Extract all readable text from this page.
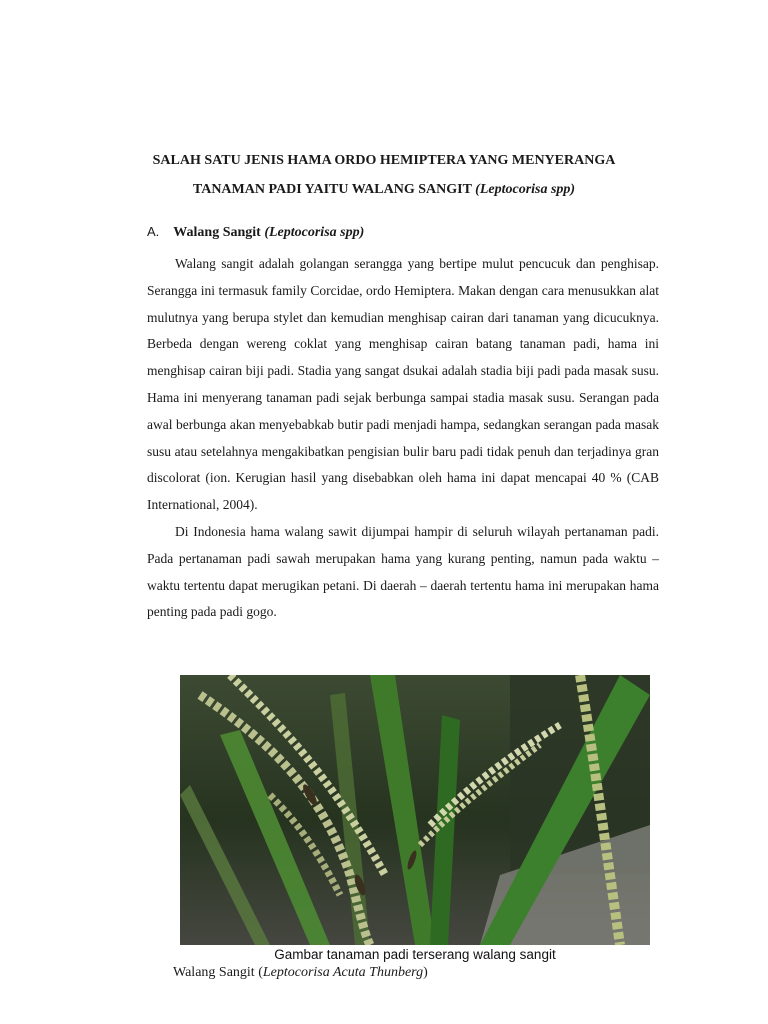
SALAH SATU JENIS HAMA ORDO HEMIPTERA YANG MENYERANGA
TANAMAN PADI YAITU WALANG SANGIT (Leptocorisa spp)
A. Walang Sangit (Leptocorisa spp)

Walang sangit adalah golangan serangga yang bertipe mulut pencucuk dan penghisap. Serangga ini termasuk family Corcidae, ordo Hemiptera. Makan dengan cara menusukkan alat mulutnya yang berupa stylet dan kemudian menghisap cairan dari tanaman yang dicucuknya. Berbeda dengan wereng coklat yang menghisap cairan batang tanaman padi, hama ini menghisap cairan biji padi. Stadia yang sangat dsukai adalah stadia biji padi pada masak susu. Hama ini menyerang tanaman padi sejak berbunga sampai stadia masak susu. Serangan pada awal berbunga akan menyebabkab butir padi menjadi hampa, sedangkan serangan pada masak susu atau setelahnya mengakibatkan pengisian bulir baru padi tidak penuh dan terjadinya gran discolorat (ion. Kerugian hasil yang disebabkan oleh hama ini dapat mencapai 40 % (CAB International, 2004).

Di Indonesia hama walang sawit dijumpai hampir di seluruh wilayah pertanaman padi. Pada pertanaman padi sawah merupakan hama yang kurang penting, namun pada waktu – waktu tertentu dapat merugikan petani. Di daerah – daerah tertentu hama ini merupakan hama penting pada padi gogo.

Gambar tanaman padi terserang walang sangit
Walang Sangit (Leptocorisa Acuta Thunberg)
